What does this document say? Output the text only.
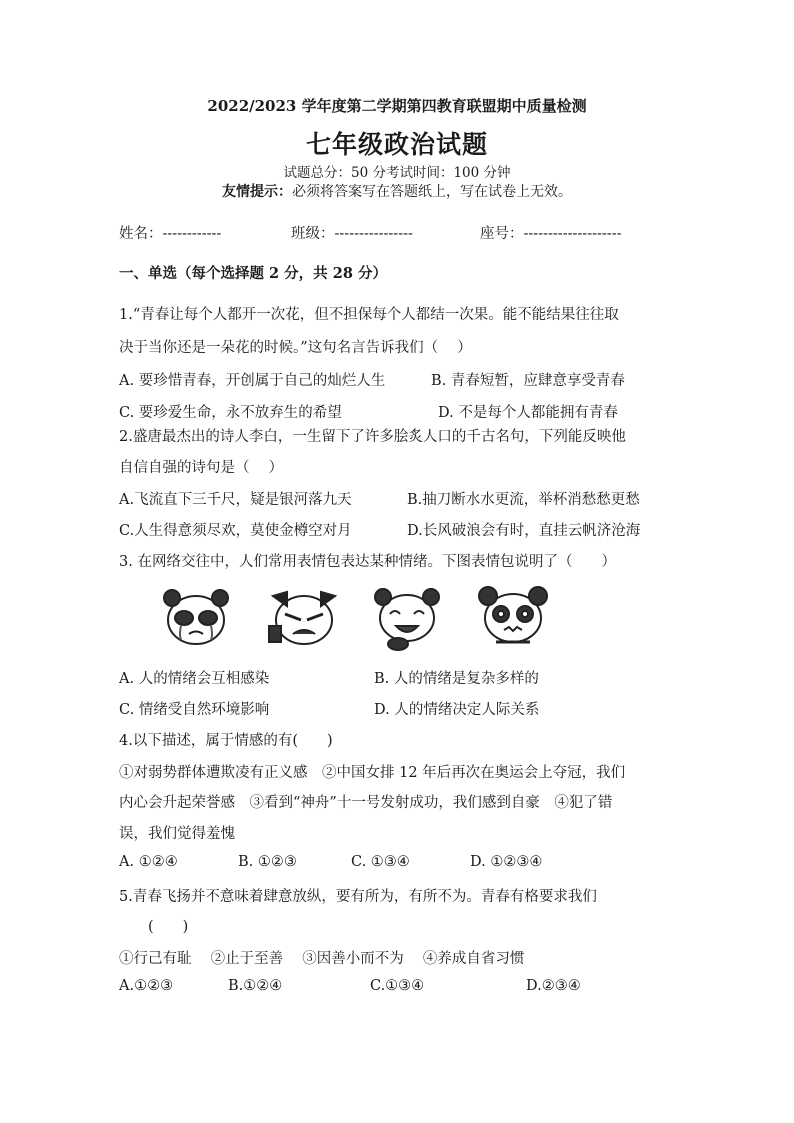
2022/2023 学年度第二学期第四教育联盟期中质量检测
七年级政治试题
试题总分：50 分考试时间：100 分钟
友情提示：必须将答案写在答题纸上，写在试卷上无效。
姓名：------------	班级：----------------	座号：--------------------
一、单选（每个选择题 2 分，共 28 分）
1.“青春让每个人都开一次花，但不担保每个人都结一次果。能不能结果往往取
决于当你还是一朵花的时候。”这句名言告诉我们（　 ）
A. 要珍惜青春，开创属于自己的灿烂人生	B. 青春短暂，应肆意享受青春
C. 要珍爱生命，永不放弃生的希望	D. 不是每个人都能拥有青春
2.盛唐最杰出的诗人李白，一生留下了许多脍炙人口的千古名句，下列能反映他
自信自强的诗句是（　 ）
A.飞流直下三千尺，疑是银河落九天	B.抽刀断水水更流，举杯消愁愁更愁
C.人生得意须尽欢，莫使金樽空对月	D.长风破浪会有时，直挂云帆济沧海
3. 在网络交往中，人们常用表情包表达某种情绪。下图表情包说明了（　　）
A. 人的情绪会互相感染	B. 人的情绪是复杂多样的
C. 情绪受自然环境影响	D. 人的情绪决定人际关系
4.以下描述，属于情感的有(　　)
①对弱势群体遭欺凌有正义感　②中国女排 12 年后再次在奥运会上夺冠，我们
内心会升起荣誉感　③看到“神舟”十一号发射成功，我们感到自豪　④犯了错
误，我们觉得羞愧
A. ①②④	B. ①②③	C. ①③④	D. ①②③④
5.青春飞扬并不意味着肆意放纵，要有所为，有所不为。青春有格要求我们
(　　)
①行己有耻　 ②止于至善　 ③因善小而不为　 ④养成自省习惯
A.①②③	B.①②④	C.①③④	D.②③④
